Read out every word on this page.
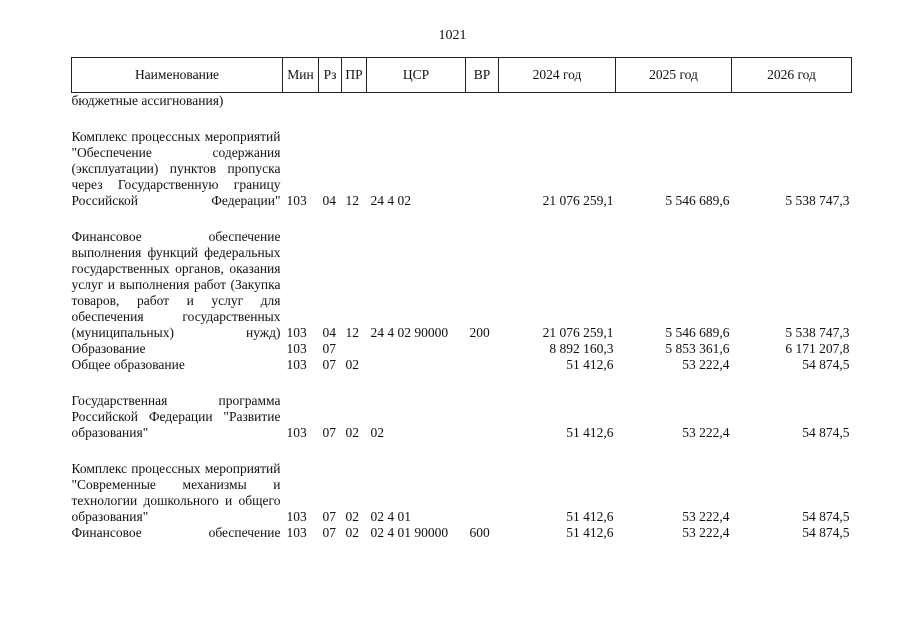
1021
Наименование	Мин	Рз	ПР	ЦСР	ВР	2024 год	2025 год	2026 год
бюджетные ассигнования)								
Комплекс процессных мероприятий "Обеспечение содержания (эксплуатации) пунктов пропуска через Государственную границу Российской Федерации"	103	04	12	24 4 02		21 076 259,1	5 546 689,6	5 538 747,3
Финансовое обеспечение выполнения функций федеральных государственных органов, оказания услуг и выполнения работ (Закупка товаров, работ и услуг для обеспечения государственных (муниципальных) нужд)	103	04	12	24 4 02 90000	200	21 076 259,1	5 546 689,6	5 538 747,3
Образование	103	07				8 892 160,3	5 853 361,6	6 171 207,8
Общее образование	103	07	02			51 412,6	53 222,4	54 874,5
Государственная программа Российской Федерации "Развитие образования"	103	07	02	02		51 412,6	53 222,4	54 874,5
Комплекс процессных мероприятий "Современные механизмы и технологии дошкольного и общего образования"	103	07	02	02 4 01		51 412,6	53 222,4	54 874,5
Финансовое обеспечение	103	07	02	02 4 01 90000	600	51 412,6	53 222,4	54 874,5
